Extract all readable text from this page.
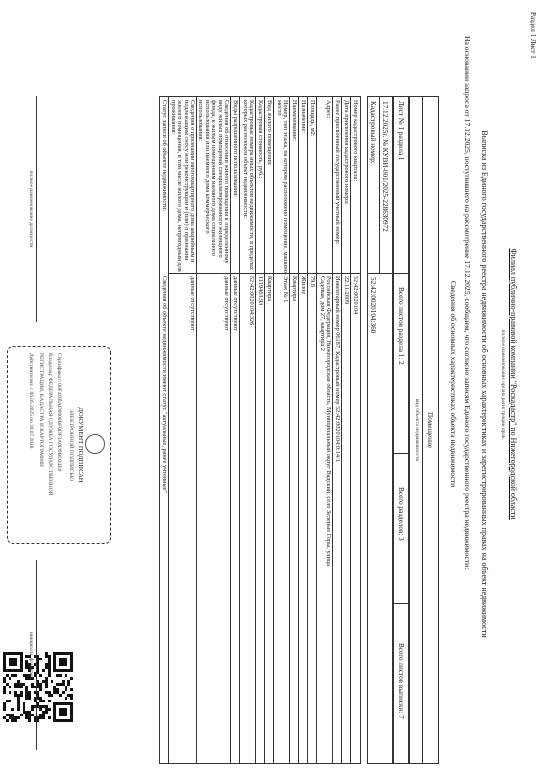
Раздел 1 Лист 1
Филиал публично-правовой компании "Роскадастр" по Нижегородской области
полное наименование органа регистрации прав
Выписка из Единого государственного реестра недвижимости об основных характеристиках и зарегистрированных правах на объект недвижимости
На основании запроса от 17.12.2025, поступившего на рассмотрение 17.12.2025, сообщаем, что согласно записям Единого государственного реестра недвижимости:
Сведения об основных характеристиках объекта недвижимости
Помещение
вид объекта недвижимости
Лист № 1 раздела 1
Всего листов раздела 1: 2
Всего разделов: 3
Всего листов выписки: 7
17.12.2025г. № КУВИ-001/2025-228630972
Кадастровый номер:
52:42:0020104:360
Номер кадастрового квартала:
52:42:0020104
Дата присвоения кадастрового номера:
22.11.2009
Ранее присвоенный государственный учетный номер:
Инвентарный номер 06187, Кадастровый номер 52:42:0020104:0:14/1
Адрес:
Российская Федерация, Нижегородская область, Муниципальный округ Вадский, село Зеленые Горы, улица
Садовая, дом 27, квартира 2
Площадь, м2:
79.8
Назначение:
Жилое
Наименование:
Квартира
Номер, тип этажа, на котором расположено помещение, машино-
место
Этаж № 1
Вид жилого помещения:
Квартира
Кадастровая стоимость, руб.:
1119463.93
Кадастровые номера иных объектов недвижимости, в пределах
которых расположен объект недвижимости:
52:42:0020104:326
Виды разрешенного использования:
данные отсутствуют
Сведения об отнесении жилого помещения к определенному
виду жилых помещений специализированного жилищного
фонда, к жилым помещениям наемного дома социального
использования или наемного дома коммерческого
использования:
данные отсутствуют
Сведения о признании многоквартирного дома аварийным и
подлежащим сносу или реконструкции и (или) о признании
жилого помещения, в том числе жилого дома, непригодным для
проживания:
данные отсутствуют
Статус записи об объекте недвижимости:
Сведения об объекте недвижимости имеют статус "актуальные, ранее учтенные"
полное наименование должности
инициалы, фамилия
ДОКУМЕНТ ПОДПИСАН
ЭЛЕКТРОННОЙ ПОДПИСЬЮ
Сертификат: 00F4DBAD0000BF0DF3A0D9BD24E0
Владелец: ФЕДЕРАЛЬНАЯ СЛУЖБА ГОСУДАРСТВЕННОЙ
РЕГИСТРАЦИИ, КАДАСТРА И КАРТОГРАФИИ
Действителен: с 06.05.2025 по 30.07.2026
